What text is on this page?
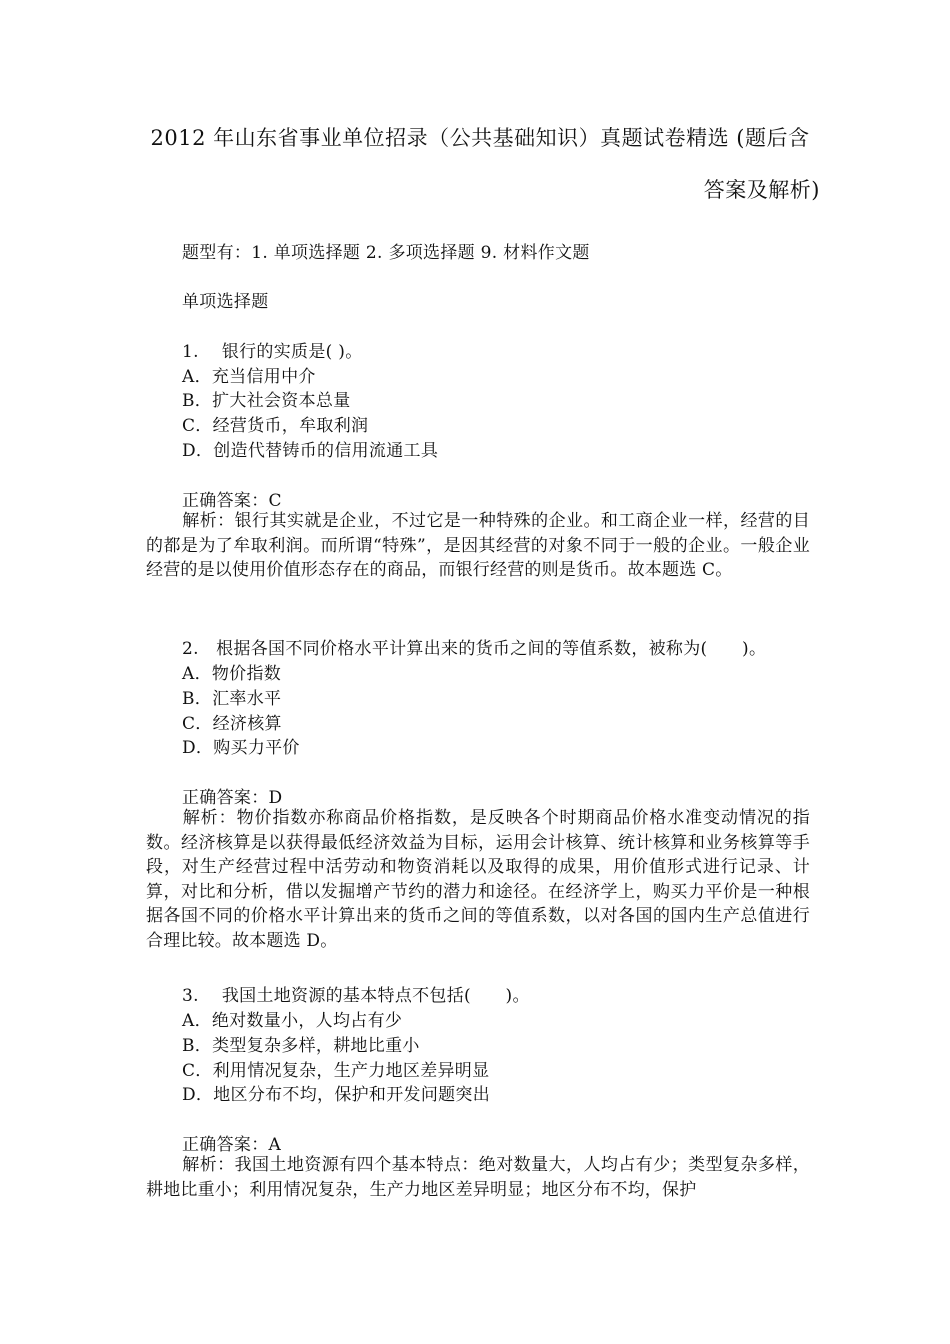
2012 年山东省事业单位招录（公共基础知识）真题试卷精选 (题后含
答案及解析)
题型有：1. 单项选择题 2. 多项选择题 9. 材料作文题
单项选择题
1.　 银行的实质是( )。
A．充当信用中介
B．扩大社会资本总量
C．经营货币，牟取利润
D．创造代替铸币的信用流通工具
正确答案：C
解析：银行其实就是企业，不过它是一种特殊的企业。和工商企业一样，经营的目的都是为了牟取利润。而所谓“特殊”，是因其经营的对象不同于一般的企业。一般企业经营的是以使用价值形态存在的商品，而银行经营的则是货币。故本题选 C。
2.　根据各国不同价格水平计算出来的货币之间的等值系数，被称为(　　)。
A．物价指数
B．汇率水平
C．经济核算
D．购买力平价
正确答案：D
解析：物价指数亦称商品价格指数，是反映各个时期商品价格水准变动情况的指数。经济核算是以获得最低经济效益为目标，运用会计核算、统计核算和业务核算等手段，对生产经营过程中活劳动和物资消耗以及取得的成果，用价值形式进行记录、计算，对比和分析，借以发掘增产节约的潜力和途径。在经济学上，购买力平价是一种根据各国不同的价格水平计算出来的货币之间的等值系数，以对各国的国内生产总值进行合理比较。故本题选 D。
3.　 我国土地资源的基本特点不包括(　　)。
A．绝对数量小，人均占有少
B．类型复杂多样，耕地比重小
C．利用情况复杂，生产力地区差异明显
D．地区分布不均，保护和开发问题突出
正确答案：A
解析：我国土地资源有四个基本特点：绝对数量大，人均占有少；类型复杂多样，耕地比重小；利用情况复杂，生产力地区差异明显；地区分布不均，保护
